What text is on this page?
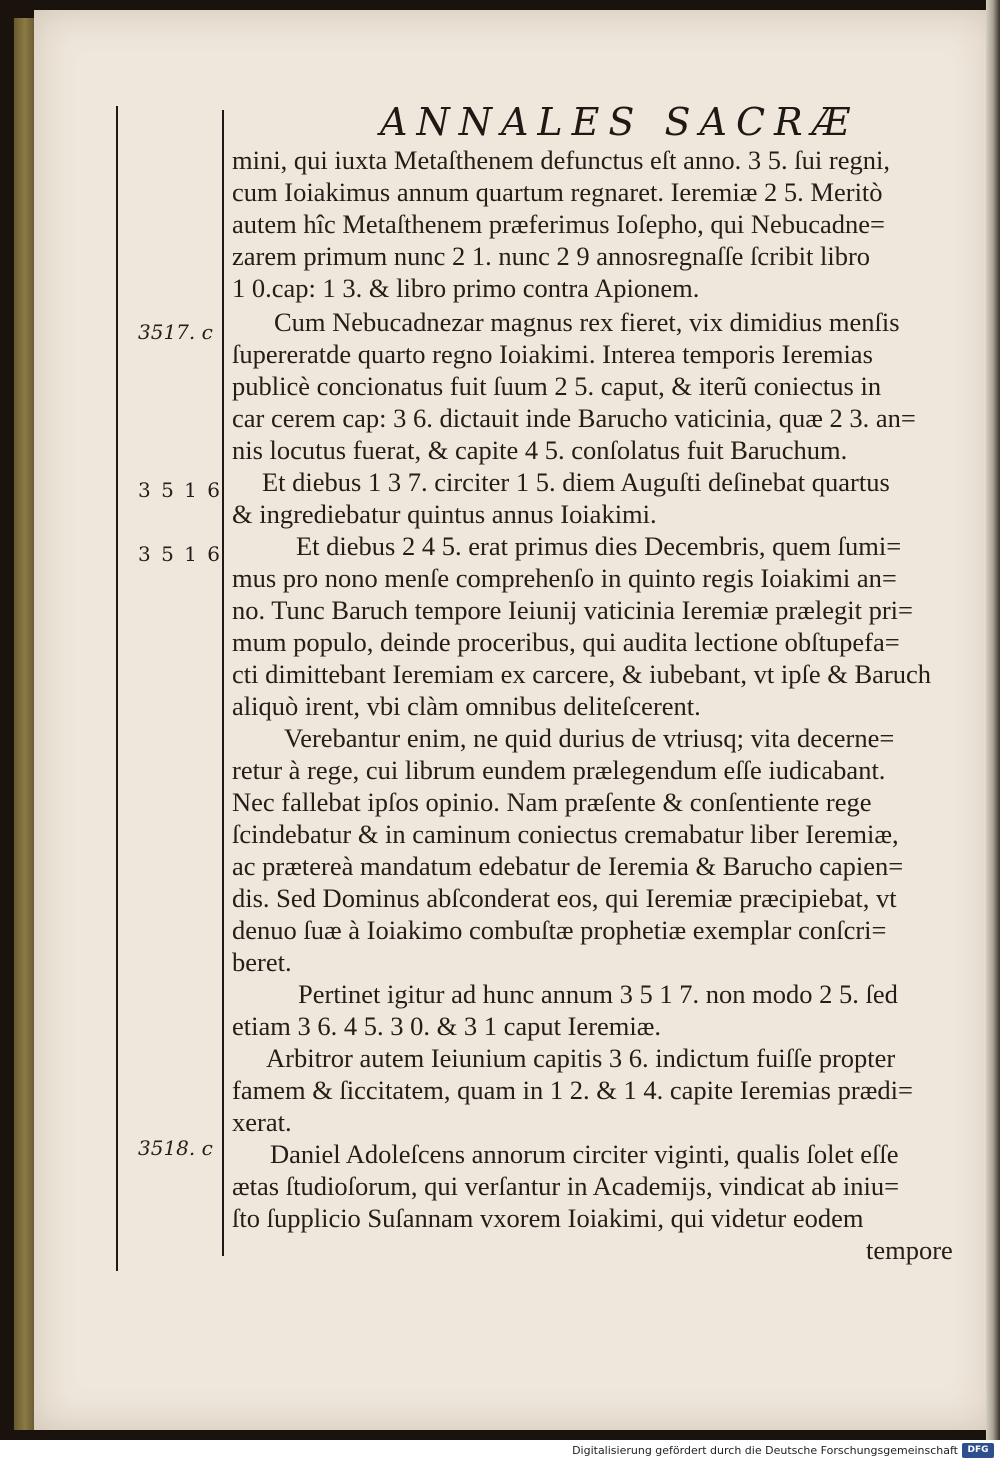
ANNALES SACRÆ
mini, qui iuxta Metaſthenem defunctus eſt anno. 3 5. ſui regni,
cum Ioiakimus annum quartum regnaret. Ieremiæ 2 5. Meritò
autem hîc Metaſthenem præferimus Ioſepho, qui Nebucadne=
zarem primum nunc 2 1. nunc 2 9 annosregnaſſe ſcribit libro
1 0.cap: 1 3. & libro primo contra Apionem.
Cum Nebucadnezar magnus rex fieret, vix dimidius menſis
ſupereratde quarto regno Ioiakimi. Interea temporis Ieremias
publicè concionatus fuit ſuum 2 5. caput, & iterũ coniectus in
car cerem cap: 3 6. dictauit inde Barucho vaticinia, quæ 2 3. an=
nis locutus fuerat, & capite 4 5. conſolatus fuit Baruchum.
Et diebus 1 3 7. circiter 1 5. diem Auguſti deſinebat quartus
& ingrediebatur quintus annus Ioiakimi.
Et diebus 2 4 5. erat primus dies Decembris, quem ſumi=
mus pro nono menſe comprehenſo in quinto regis Ioiakimi an=
no. Tunc Baruch tempore Ieiunij vaticinia Ieremiæ prælegit pri=
mum populo, deinde proceribus, qui audita lectione obſtupefa=
cti dimittebant Ieremiam ex carcere, & iubebant, vt ipſe & Baruch
aliquò irent, vbi clàm omnibus deliteſcerent.
Verebantur enim, ne quid durius de vtriusq; vita decerne=
retur à rege, cui librum eundem prælegendum eſſe iudicabant.
Nec fallebat ipſos opinio. Nam præſente & conſentiente rege
ſcindebatur & in caminum coniectus cremabatur liber Ieremiæ,
ac prætereà mandatum edebatur de Ieremia & Barucho capien=
dis. Sed Dominus abſconderat eos, qui Ieremiæ præcipiebat, vt
denuo ſuæ à Ioiakimo combuſtæ prophetiæ exemplar conſcri=
beret.
Pertinet igitur ad hunc annum 3 5 1 7. non modo 2 5. ſed
etiam 3 6. 4 5. 3 0. & 3 1 caput Ieremiæ.
Arbitror autem Ieiunium capitis 3 6. indictum fuiſſe propter
famem & ſiccitatem, quam in 1 2. & 1 4. capite Ieremias prædi=
xerat.
Daniel Adoleſcens annorum circiter viginti, qualis ſolet eſſe
ætas ſtudioſorum, qui verſantur in Academijs, vindicat ab iniu=
ſto ſupplicio Suſannam vxorem Ioiakimi, qui videtur eodem
tempore
3517. c
3 5 1 6
3 5 1 6
3518. c
Digitalisierung gefördert durch die Deutsche Forschungsgemeinschaft	DFG
